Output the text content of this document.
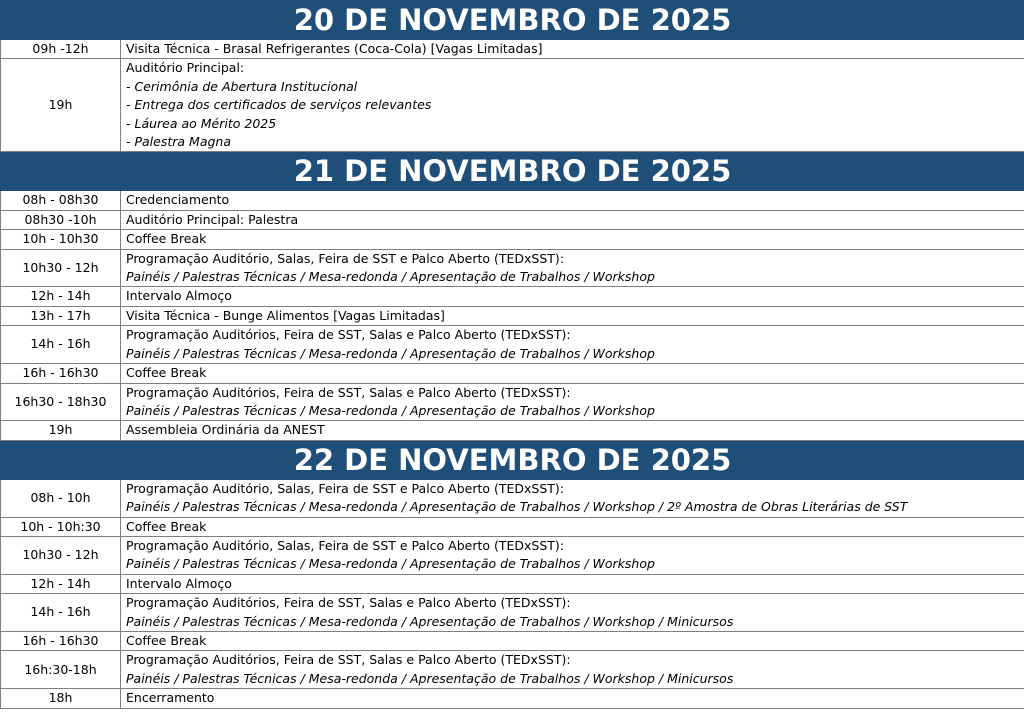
20 DE NOVEMBRO DE 2025	
09h -12h	Visita Técnica - Brasal Refrigerantes (Coca-Cola) [Vagas Limitadas]

19h	Auditório Principal:
- Cerimônia de Abertura Institucional
- Entrega dos certificados de serviços relevantes
- Láurea ao Mérito 2025
- Palestra Magna

21 DE NOVEMBRO DE 2025	
08h - 08h30	Credenciamento

08h30 -10h	Auditório Principal: Palestra

10h - 10h30	Coffee Break

10h30 - 12h	Programação Auditório, Salas, Feira de SST e Palco Aberto (TEDxSST):
Painéis / Palestras Técnicas / Mesa-redonda / Apresentação de Trabalhos / Workshop

12h - 14h	Intervalo Almoço

13h - 17h	Visita Técnica - Bunge Alimentos [Vagas Limitadas]

14h - 16h	Programação Auditórios, Feira de SST, Salas e Palco Aberto (TEDxSST):
Painéis / Palestras Técnicas / Mesa-redonda / Apresentação de Trabalhos / Workshop

16h - 16h30	Coffee Break

16h30 - 18h30	Programação Auditórios, Feira de SST, Salas e Palco Aberto (TEDxSST):
Painéis / Palestras Técnicas / Mesa-redonda / Apresentação de Trabalhos / Workshop

19h	Assembleia Ordinária da ANEST

22 DE NOVEMBRO DE 2025	
08h - 10h	Programação Auditório, Salas, Feira de SST e Palco Aberto (TEDxSST):
Painéis / Palestras Técnicas / Mesa-redonda / Apresentação de Trabalhos / Workshop / 2º Amostra de Obras Literárias de SST

10h - 10h:30	Coffee Break

10h30 - 12h	Programação Auditório, Salas, Feira de SST e Palco Aberto (TEDxSST):
Painéis / Palestras Técnicas / Mesa-redonda / Apresentação de Trabalhos / Workshop

12h - 14h	Intervalo Almoço

14h - 16h	Programação Auditórios, Feira de SST, Salas e Palco Aberto (TEDxSST):
Painéis / Palestras Técnicas / Mesa-redonda / Apresentação de Trabalhos / Workshop / Minicursos

16h - 16h30	Coffee Break

16h:30-18h	Programação Auditórios, Feira de SST, Salas e Palco Aberto (TEDxSST):
Painéis / Palestras Técnicas / Mesa-redonda / Apresentação de Trabalhos / Workshop / Minicursos

18h	Encerramento
